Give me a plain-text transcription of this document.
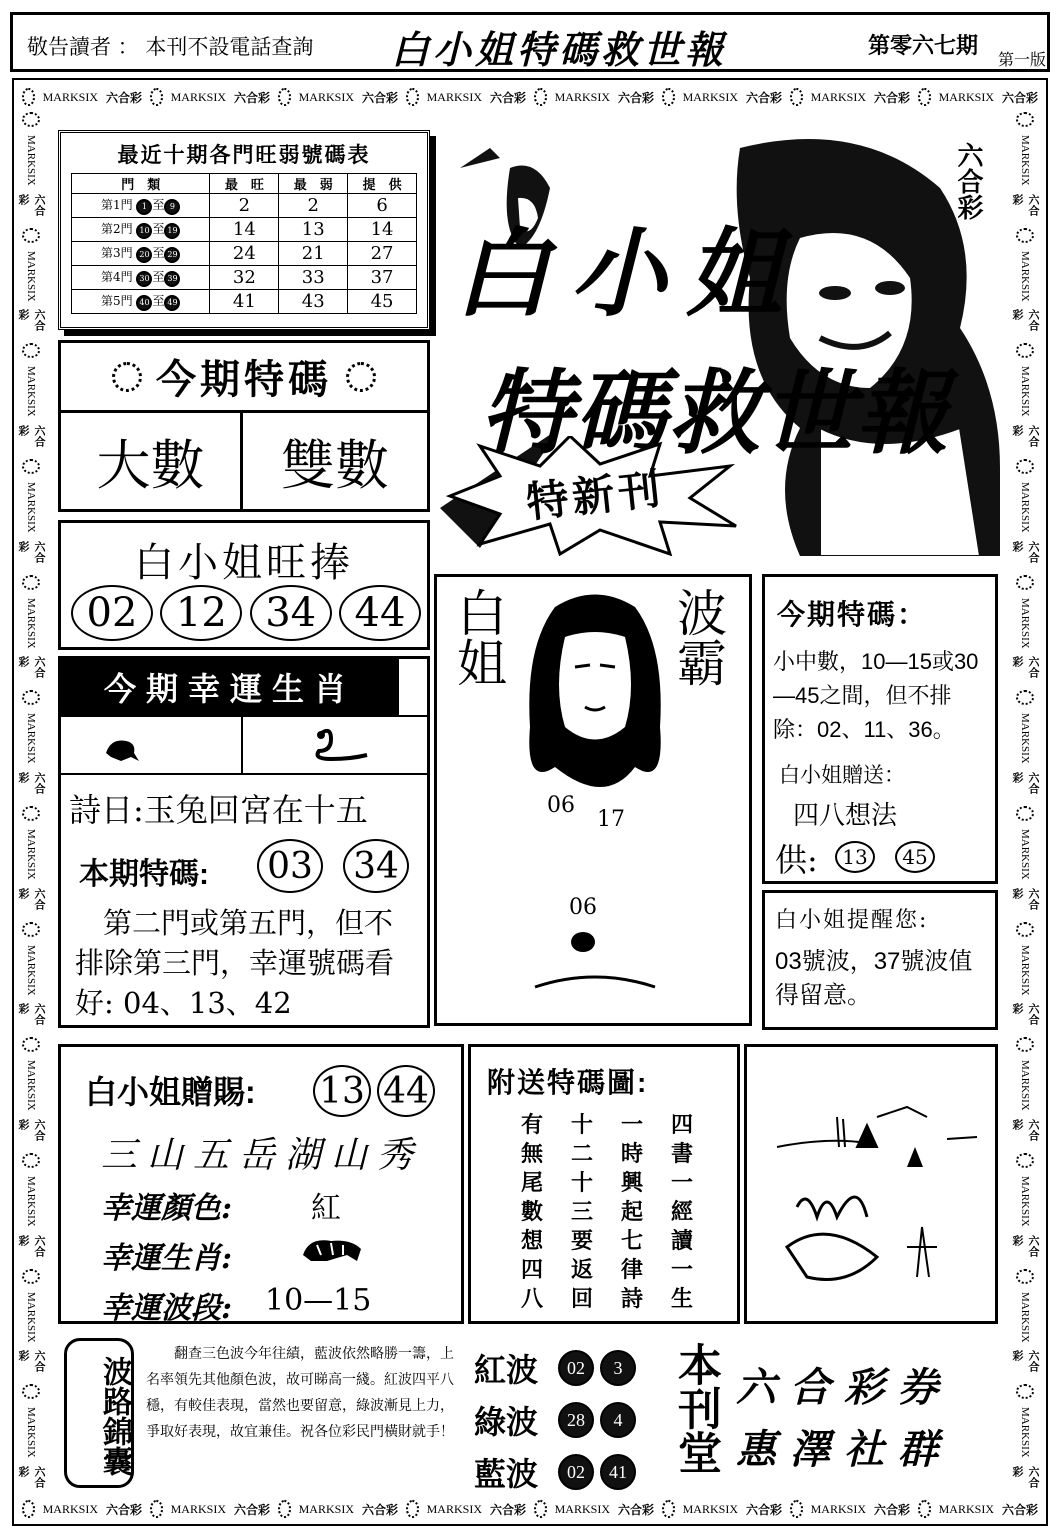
敬告讀者 ： 本刊不設電話查詢 白小姐特碼救世報	第零六七期
第一版
MARKSIX 六合彩 MARKSIX 六合彩 MARKSIX 六合彩 MARKSIX 六合彩 MARKSIX 六合彩 MARKSIX 六合彩 MARKSIX 六合彩 MARKSIX 六合彩
MARKSIX 六合彩 MARKSIX 六合彩 MARKSIX 六合彩 MARKSIX 六合彩 MARKSIX 六合彩 MARKSIX 六合彩 MARKSIX 六合彩 MARKSIX 六合彩
MARKSIX
六合彩
MARKSIX
六合彩
MARKSIX
六合彩
MARKSIX
六合彩
MARKSIX
六合彩
MARKSIX
六合彩
MARKSIX
六合彩
MARKSIX
六合彩
MARKSIX
六合彩
MARKSIX
六合彩
MARKSIX
六合彩
MARKSIX
六合彩
MARKSIX
六合彩
MARKSIX
六合彩
MARKSIX
六合彩
MARKSIX
六合彩
MARKSIX
六合彩
MARKSIX
六合彩
MARKSIX
六合彩
MARKSIX
六合彩
MARKSIX
六合彩
MARKSIX
六合彩
MARKSIX
六合彩
MARKSIX
六合彩
最近十期各門旺弱號碼表
門　類	最　旺	最　弱	提　供
第1門 1 至 9	2	2	6
第2門 10 至 19	14	13	14
第3門 20 至 29	24	21	27
第4門 30 至 39	32	33	37
第5門 40 至 49	41	43	45
今期特碼
大數	雙數
六合彩
白小姐
特碼救世報
特新刊
白小姐旺捧
02 12 34 44
今期幸運生肖
詩日:玉兔回宮在十五
本期特碼: 03 34
第二門或第五門，但不排除第三門，幸運號碼看好: 04、13、42
白姐	波霸
06
17
06
今期特碼：
小中數，10—15或30—45之間，但不排除：02、11、36。
白小姐贈送：
四八想法
供:	13	45
白小姐提醒您:
03號波，37號波值得留意。
白小姐贈賜: 13 44
三山五岳湖山秀
幸運顏色:	紅
幸運生肖:
幸運波段: 10—15
附送特碼圖:
有	十	一	四
無	二	時	書
尾	十	興	一
數	三	起	經
想	要	七	讀
四	返	律	一
八	回	詩	生
波路錦囊
翻查三色波今年往績，藍波依然略勝一籌，上名率領先其他顏色波，故可睇高一綫。紅波四平八穩，有較佳表現，當然也要留意，綠波漸見上力，爭取好表現，故宜兼佳。祝各位彩民門橫財就手！
紅波	02	3
綠波	28	4
藍波	02	41 本刊堂 六合彩券
惠澤社群
